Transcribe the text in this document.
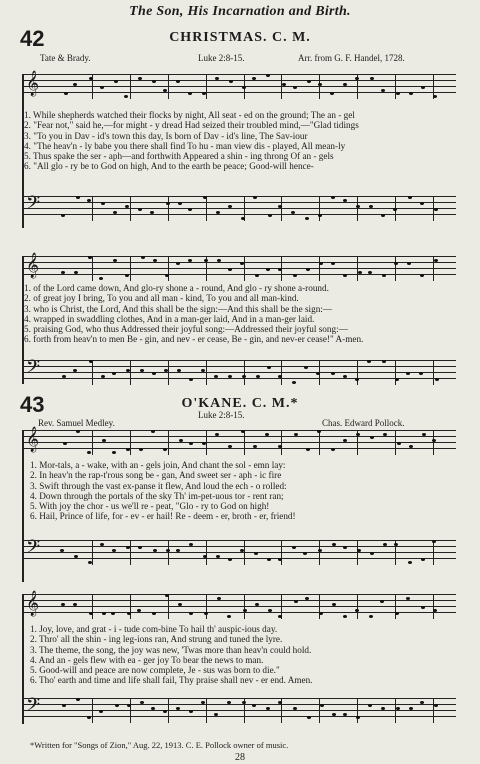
The Son, His Incarnation and Birth.
42	CHRISTMAS. C. M.
Tate & Brady.	Luke 2:8-15.	Arr. from G. F. Handel, 1728.
𝄞
1. While shepherds watched their flocks by night, All seat - ed on the ground; The an - gel
2. "Fear not," said he,—for might - y dread Had seized their troubled mind,—"Glad tidings
3. "To you in Dav - id's town this day, Is born of Dav - id's line, The Sav-iour
4. "The heav'n - ly babe you there shall find To hu - man view dis - played, All mean-ly
5. Thus spake the ser - aph—and forthwith Appeared a shin - ing throng Of an - gels
6. "All glo - ry be to God on high, And to the earth be peace; Good-will hence-
𝄢
𝄞
1. of the Lord came down, And glo-ry shone a - round, And glo - ry shone a-round.
2. of great joy I bring, To you and all man - kind, To you and all man-kind.
3. who is Christ, the Lord, And this shall be the sign:—And this shall be the sign:—
4. wrapped in swaddling clothes, And in a man-ger laid, And in a man-ger laid.
5. praising God, who thus Addressed their joyful song:—Addressed their joyful song:—
6. forth from heav'n to men Be - gin, and nev - er cease, Be - gin, and nev-er cease!" A-men.
𝄢
43	O'KANE. C. M.*
Rev. Samuel Medley.
Luke 2:8-15.
Chas. Edward Pollock.
𝄞
1. Mor-tals, a - wake, with an - gels join, And chant the sol - emn lay:
2. In heav'n the rap-t'rous song be - gan, And sweet ser - aph - ic fire
3. Swift through the vast ex-panse it flew, And loud the ech - o rolled:
4. Down through the portals of the sky Th' im-pet-uous tor - rent ran;
5. With joy the chor - us we'll re - peat, "Glo - ry to God on high!
6. Hail, Prince of life, for - ev - er hail! Re - deem - er, broth - er, friend!
𝄢
𝄞
1. Joy, love, and grat - i - tude com-bine To hail th' auspic-ious day.
2. Thro' all the shin - ing leg-ions ran, And strung and tuned the lyre.
3. The theme, the song, the joy was new, 'Twas more than heav'n could hold.
4. And an - gels flew with ea - ger joy To bear the news to man.
5. Good-will and peace are now complete, Je - sus was born to die."
6. Tho' earth and time and life shall fail, Thy praise shall nev - er end. Amen.
𝄢
*Written for "Songs of Zion," Aug. 22, 1913. C. E. Pollock owner of music.
28
